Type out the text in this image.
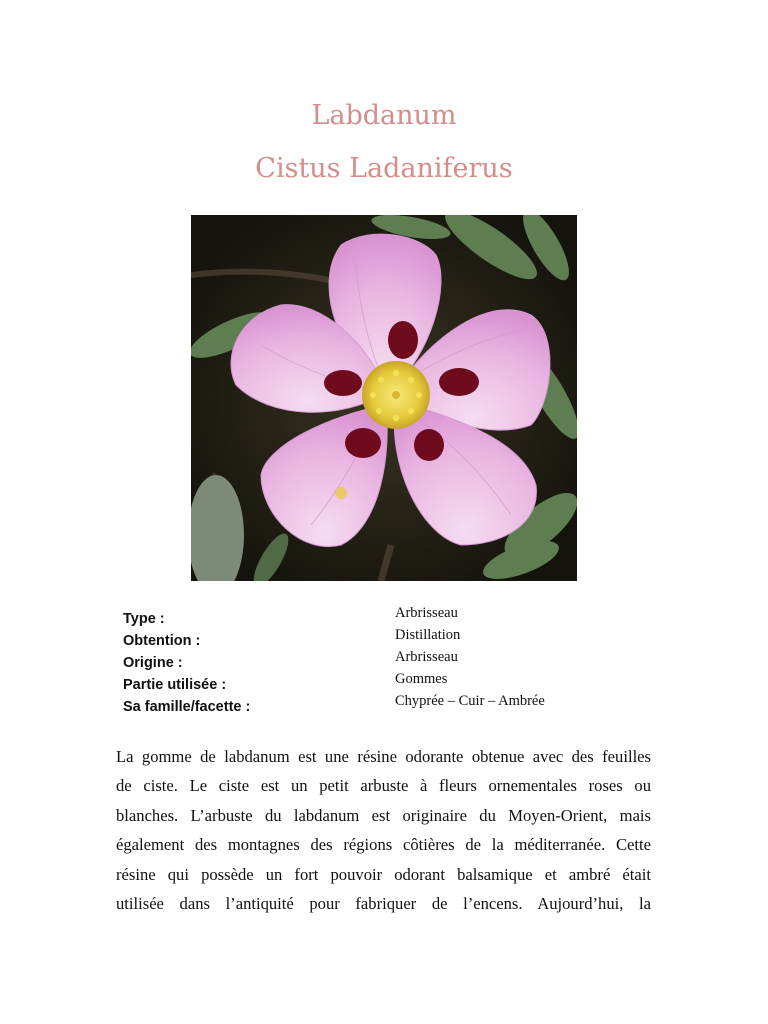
Labdanum
Cistus Ladaniferus
Type :	Arbrisseau
Obtention :	Distillation
Origine :	Arbrisseau
Partie utilisée :	Gommes
Sa famille/facette :	Chyprée – Cuir – Ambrée
La gomme de labdanum est une résine odorante obtenue avec des feuilles
de ciste. Le ciste est un petit arbuste à fleurs ornementales roses ou
blanches. L’arbuste du labdanum est originaire du Moyen-Orient, mais
également des montagnes des régions côtières de la méditerranée. Cette
résine qui possède un fort pouvoir odorant balsamique et ambré était
utilisée dans l’antiquité pour fabriquer de l’encens. Aujourd’hui, la
